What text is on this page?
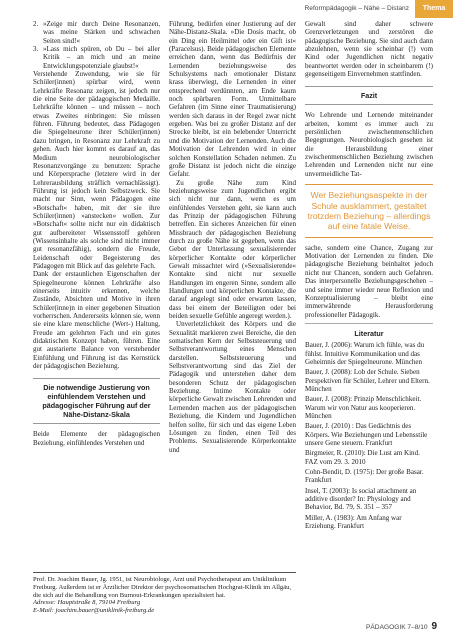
Reformpädagogik – Nähe – Distanz	Thema
2. »Zeige mir durch Deine Resonanzen, was meine Stärken und schwachen Seiten sind!«
3. »Lass mich spüren, ob Du – bei aller Kritik – an mich und an meine Entwicklungspotenziale glaubst!«

Verstehende Zuwendung, wie sie für Schüler(innen) spürbar wird, wenn Lehrkräfte Resonanz zeigen, ist jedoch nur die eine Seite der pädagogischen Medaille. Lehrkräfte können – und müssen – noch etwas Zweites einbringen: Sie müssen führen. Führung bedeutet, dass Pädagogen die Spiegelneurone ihrer Schüler(innen) dazu bringen, in Resonanz zur Lehrkraft zu gehen. Auch hier kommt es darauf an, das Medium neurobiologischer Resonanzvorgänge zu benutzen: Sprache und Körpersprache (letztere wird in der Lehrerausbildung sträflich vernachlässigt). Führung ist jedoch kein Selbstzweck. Sie macht nur Sinn, wenn Pädagogen eine »Botschaft« haben, mit der sie ihre Schüler(innen) »anstecken« wollen. Zur »Botschaft« sollte nicht nur ein didaktisch gut aufbereiteter Wissensstoff gehören (Wissensinhalte als solche sind nicht immer gut resonanzfähig), sondern die Freude, Leidenschaft oder Begeisterung des Pädagogen mit Blick auf das gelehrte Fach.

Dank der erstaunlichen Eigenschaften der Spiegelneurone können Lehrkräfte also einerseits intuitiv erkennen, welche Zustände, Absichten und Motive in ihren Schüler(inne)n in einer gegebenen Situation vorherrschen. Andererseits können sie, wenn sie eine klare menschliche (Wert-) Haltung, Freude am gelehrten Fach und ein gutes didaktischen Konzept haben, führen. Eine gut austarierte Balance von verstehender Einfühlung und Führung ist das Kernstück der pädagogischen Beziehung.

Die notwendige Justierung von einfühlendem Verstehen und pädagogischer Führung auf der Nähe-Distanz-Skala

Beide Elemente der pädagogischen Beziehung, einfühlendes Verstehen und

Führung, bedürfen einer Justierung auf der Nähe-Distanz-Skala. »Die Dosis macht, ob ein Ding ein Heilmittel oder ein Gift ist« (Paracelsus). Beide pädagogischen Elemente erreichen dann, wenn das Bedürfnis der Lernenden beziehungsweise des Schulsystems nach emotionaler Distanz krass überwiegt, die Lernenden in einer entsprechend verdünnten, am Ende kaum noch spürbaren Form. Unmittelbare Gefahren (im Sinne einer Traumatisierung) werden sich daraus in der Regel zwar nicht ergeben. Was bei zu großer Distanz auf der Strecke bleibt, ist ein belebender Unterricht und die Motivation der Lernenden. Auch die Motivation der Lehrenden wird in einer solchen Konstellation Schaden nehmen. Zu große Distanz ist jedoch nicht die einzige Gefahr.

Zu große Nähe zum Kind beziehungsweise zum Jugendlichen ergibt sich nicht nur dann, wenn es um einfühlendes Verstehen geht, sie kann auch das Prinzip der pädagogischen Führung betreffen. Ein sicheres Anzeichen für einen Missbrauch der pädagogischen Beziehung durch zu große Nähe ist gegeben, wenn das Gebot der Unterlassung sexualisierender körperlicher Kontakte oder körperlicher Gewalt missachtet wird (»Sexualisierende« Kontakte sind nicht nur sexuelle Handlungen im engeren Sinne, sondern alle Handlungen und körperlichen Kontakte, die darauf angelegt sind oder erwarten lassen, dass bei einem der Beteiligten oder bei beiden sexuelle Gefühle angeregt werden.).

Unverletzlichkeit des Körpers und die Sexualität markieren zwei Bereiche, die den somatischen Kern der Selbststeuerung und Selbstverantwortung eines Menschen darstellen. Selbststeuerung und Selbstverantwortung sind das Ziel der Pädagogik und unterstehen daher dem besonderen Schutz der pädagogischen Beziehung. Intime Kontakte oder körperliche Gewalt zwischen Lehrenden und Lernenden machen aus der pädagogischen Beziehung, die Kindern und Jugendlichen helfen sollte, für sich und das eigene Leben Lösungen zu finden, einen Teil des Problems. Sexualisierende Körperkontakte und

Gewalt sind daher schwere Grenzverletzungen und zerstören die pädagogische Beziehung. Sie sind auch dann abzulehnen, wenn sie scheinbar (!) vom Kind oder Jugendlichen nicht negativ beantwortet werden oder in scheinbarem (!) gegenseitigem Einvernehmen stattfinden.

Fazit

Wo Lehrende und Lernende miteinander arbeiten, kommt es immer auch zu persönlichen zwischenmenschlichen Begegnungen. Neurobiologisch gesehen ist die Herausbildung einer zwischenmenschlichen Beziehung zwischen Lehrenden und Lernenden nicht nur eine unvermeidliche Tat-

Wer Beziehungsaspekte in der Schule ausklammert, gestaltet trotzdem Beziehung – allerdings auf eine fatale Weise.

sache, sondern eine Chance, Zugang zur Motivation der Lernenden zu finden. Die pädagogische Beziehung beinhaltet jedoch nicht nur Chancen, sondern auch Gefahren. Das interpersonelle Beziehungsgeschehen – und seine immer wieder neue Reflexion und Konzeptualisierung – bleibt eine immerwährende Herausforderung professioneller Pädagogik.

Literatur

Bauer, J. (2006): Warum ich fühle, was du fühlst. Intuitive Kommunikation und das Geheimnis der Spiegelneurone. München

Bauer, J. (2008): Lob der Schule. Sieben Perspektiven für Schüler, Lehrer und Eltern. München

Bauer, J. (2008): Prinzip Menschlichkeit. Warum wir von Natur aus kooperieren. München

Bauer, J. (2010) : Das Gedächtnis des Körpers. Wie Beziehungen und Lebensstile unsere Gene steuern. Frankfurt

Birgmeier, R. (2010): Die Lust am Kind. FAZ vom 29. 3. 2010

Cohn-Bendit, D. (1975): Der große Basar. Frankfurt

Insel, T. (2003): Is social attachment an additive disorder? In: Physiology and Behavior, Bd. 79, S. 351 – 357

Miller, A. (1983): Am Anfang war Erziehung. Frankfurt

Prof. Dr. Joachim Bauer, Jg. 1951, ist Neurobiologe, Arzt und Psychotherapeut am Uniklinikum Freiburg. Außerdem ist er Ärztlicher Direktor der psychosomatischen Hochgrat-Klinik im Allgäu, die sich auf die Behandlung von Burnout-Erkrankungen spezialisiert hat.

Adresse: Hauptstraße 8, 79104 Freiburg

E-Mail: joachim.bauer@uniklinik-freiburg.de

PÄDAGOGIK 7–8/10 9
